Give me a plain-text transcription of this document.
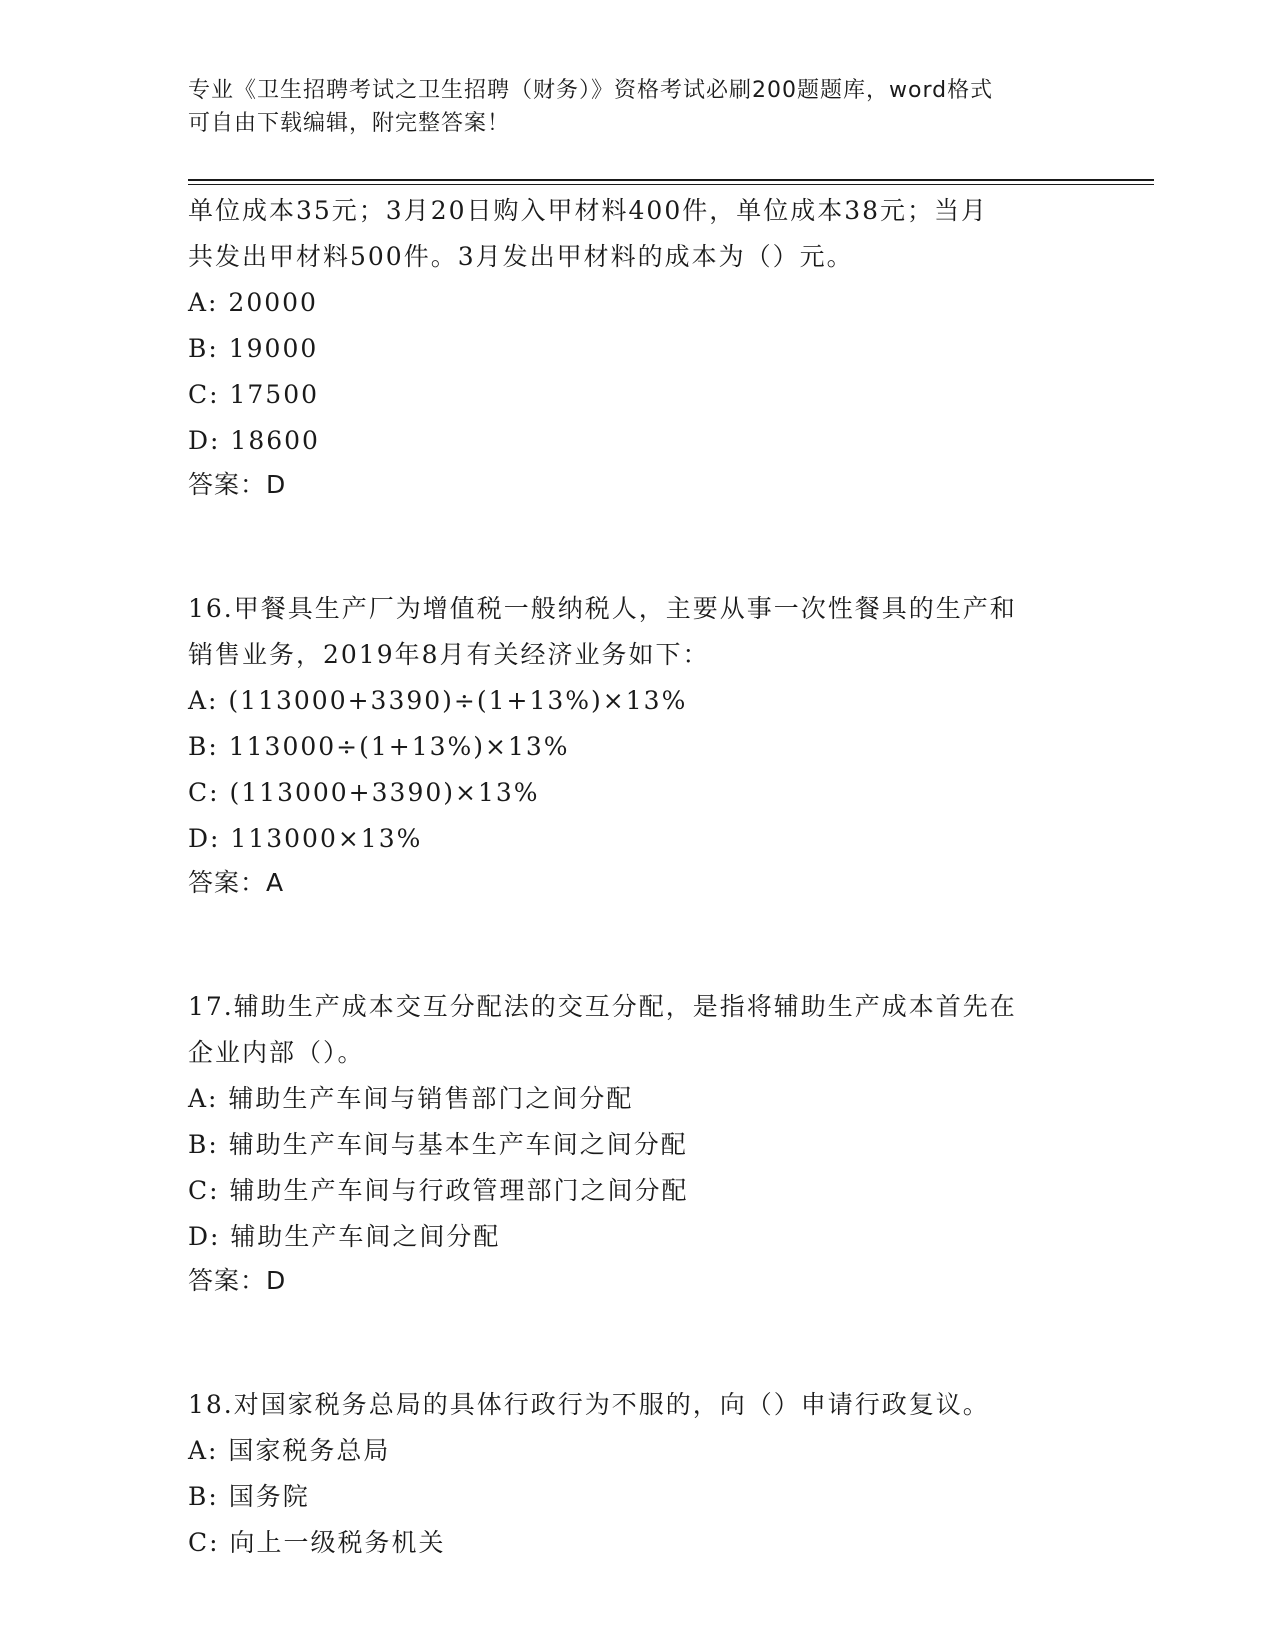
专业《卫生招聘考试之卫生招聘（财务）》资格考试必刷200题题库，word格式
可自由下载编辑，附完整答案！
单位成本35元；3月20日购入甲材料400件，单位成本38元；当月
共发出甲材料500件。3月发出甲材料的成本为（）元。
A: 20000
B: 19000
C: 17500
D: 18600
答案：D
16.甲餐具生产厂为增值税一般纳税人，主要从事一次性餐具的生产和
销售业务，2019年8月有关经济业务如下：
A: (113000+3390)÷(1+13%)×13%
B: 113000÷(1+13%)×13%
C: (113000+3390)×13%
D: 113000×13%
答案：A
17.辅助生产成本交互分配法的交互分配，是指将辅助生产成本首先在
企业内部（）。
A: 辅助生产车间与销售部门之间分配
B: 辅助生产车间与基本生产车间之间分配
C: 辅助生产车间与行政管理部门之间分配
D: 辅助生产车间之间分配
答案：D
18.对国家税务总局的具体行政行为不服的，向（）申请行政复议。
A: 国家税务总局
B: 国务院
C: 向上一级税务机关
